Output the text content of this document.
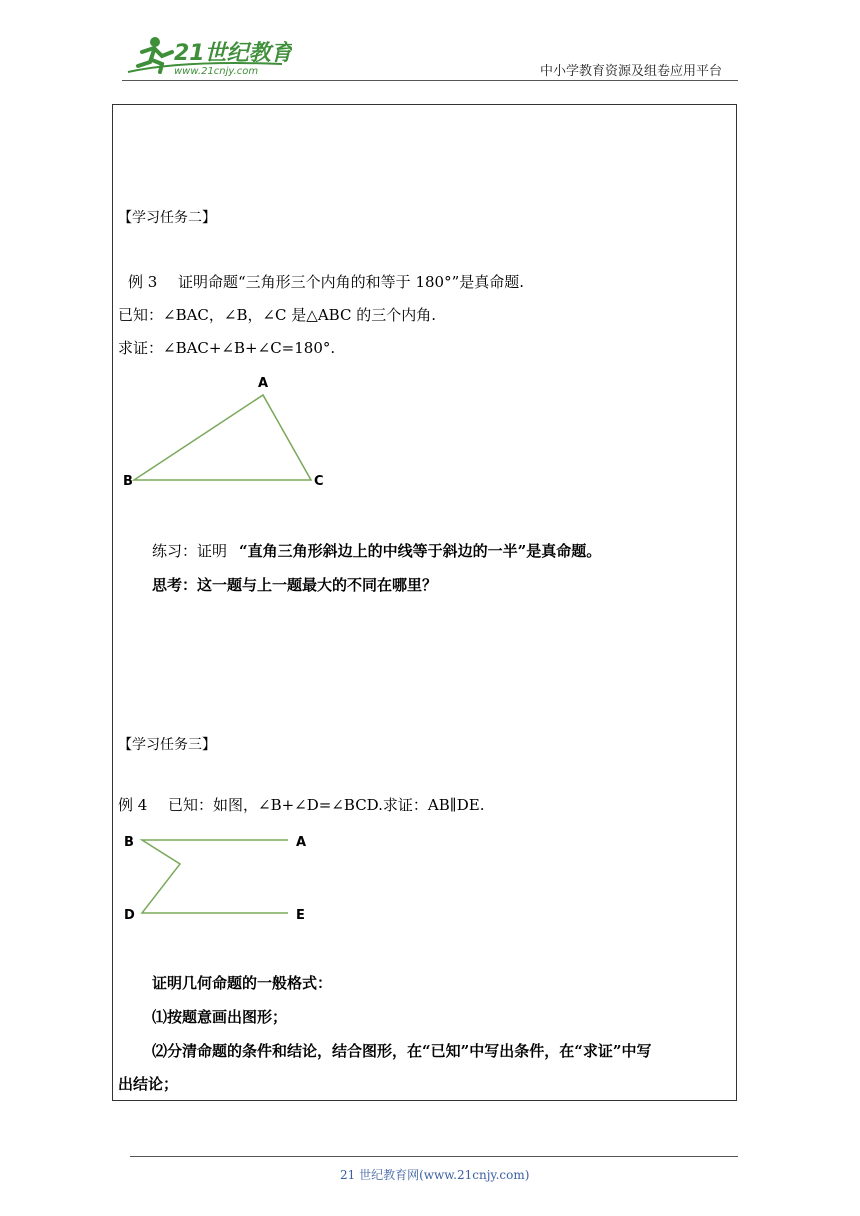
21世纪教育
www.21cnjy.com	中小学教育资源及组卷应用平台
【学习任务二】
例 3 证明命题“三角形三个内角的和等于 180°”是真命题.
已知：∠BAC，∠B，∠C 是△ABC 的三个内角.
求证：∠BAC+∠B+∠C=180°.
A
B	C
练习：证明 “直角三角形斜边上的中线等于斜边的一半”是真命题。
思考：这一题与上一题最大的不同在哪里？
【学习任务三】
例 4 已知：如图，∠B+∠D=∠BCD.求证：AB∥DE.
B	A
D	E
证明几何命题的一般格式：
⑴按题意画出图形；
⑵分清命题的条件和结论，结合图形，在“已知”中写出条件，在“求证”中写
出结论；
21 世纪教育网(www.21cnjy.com)
